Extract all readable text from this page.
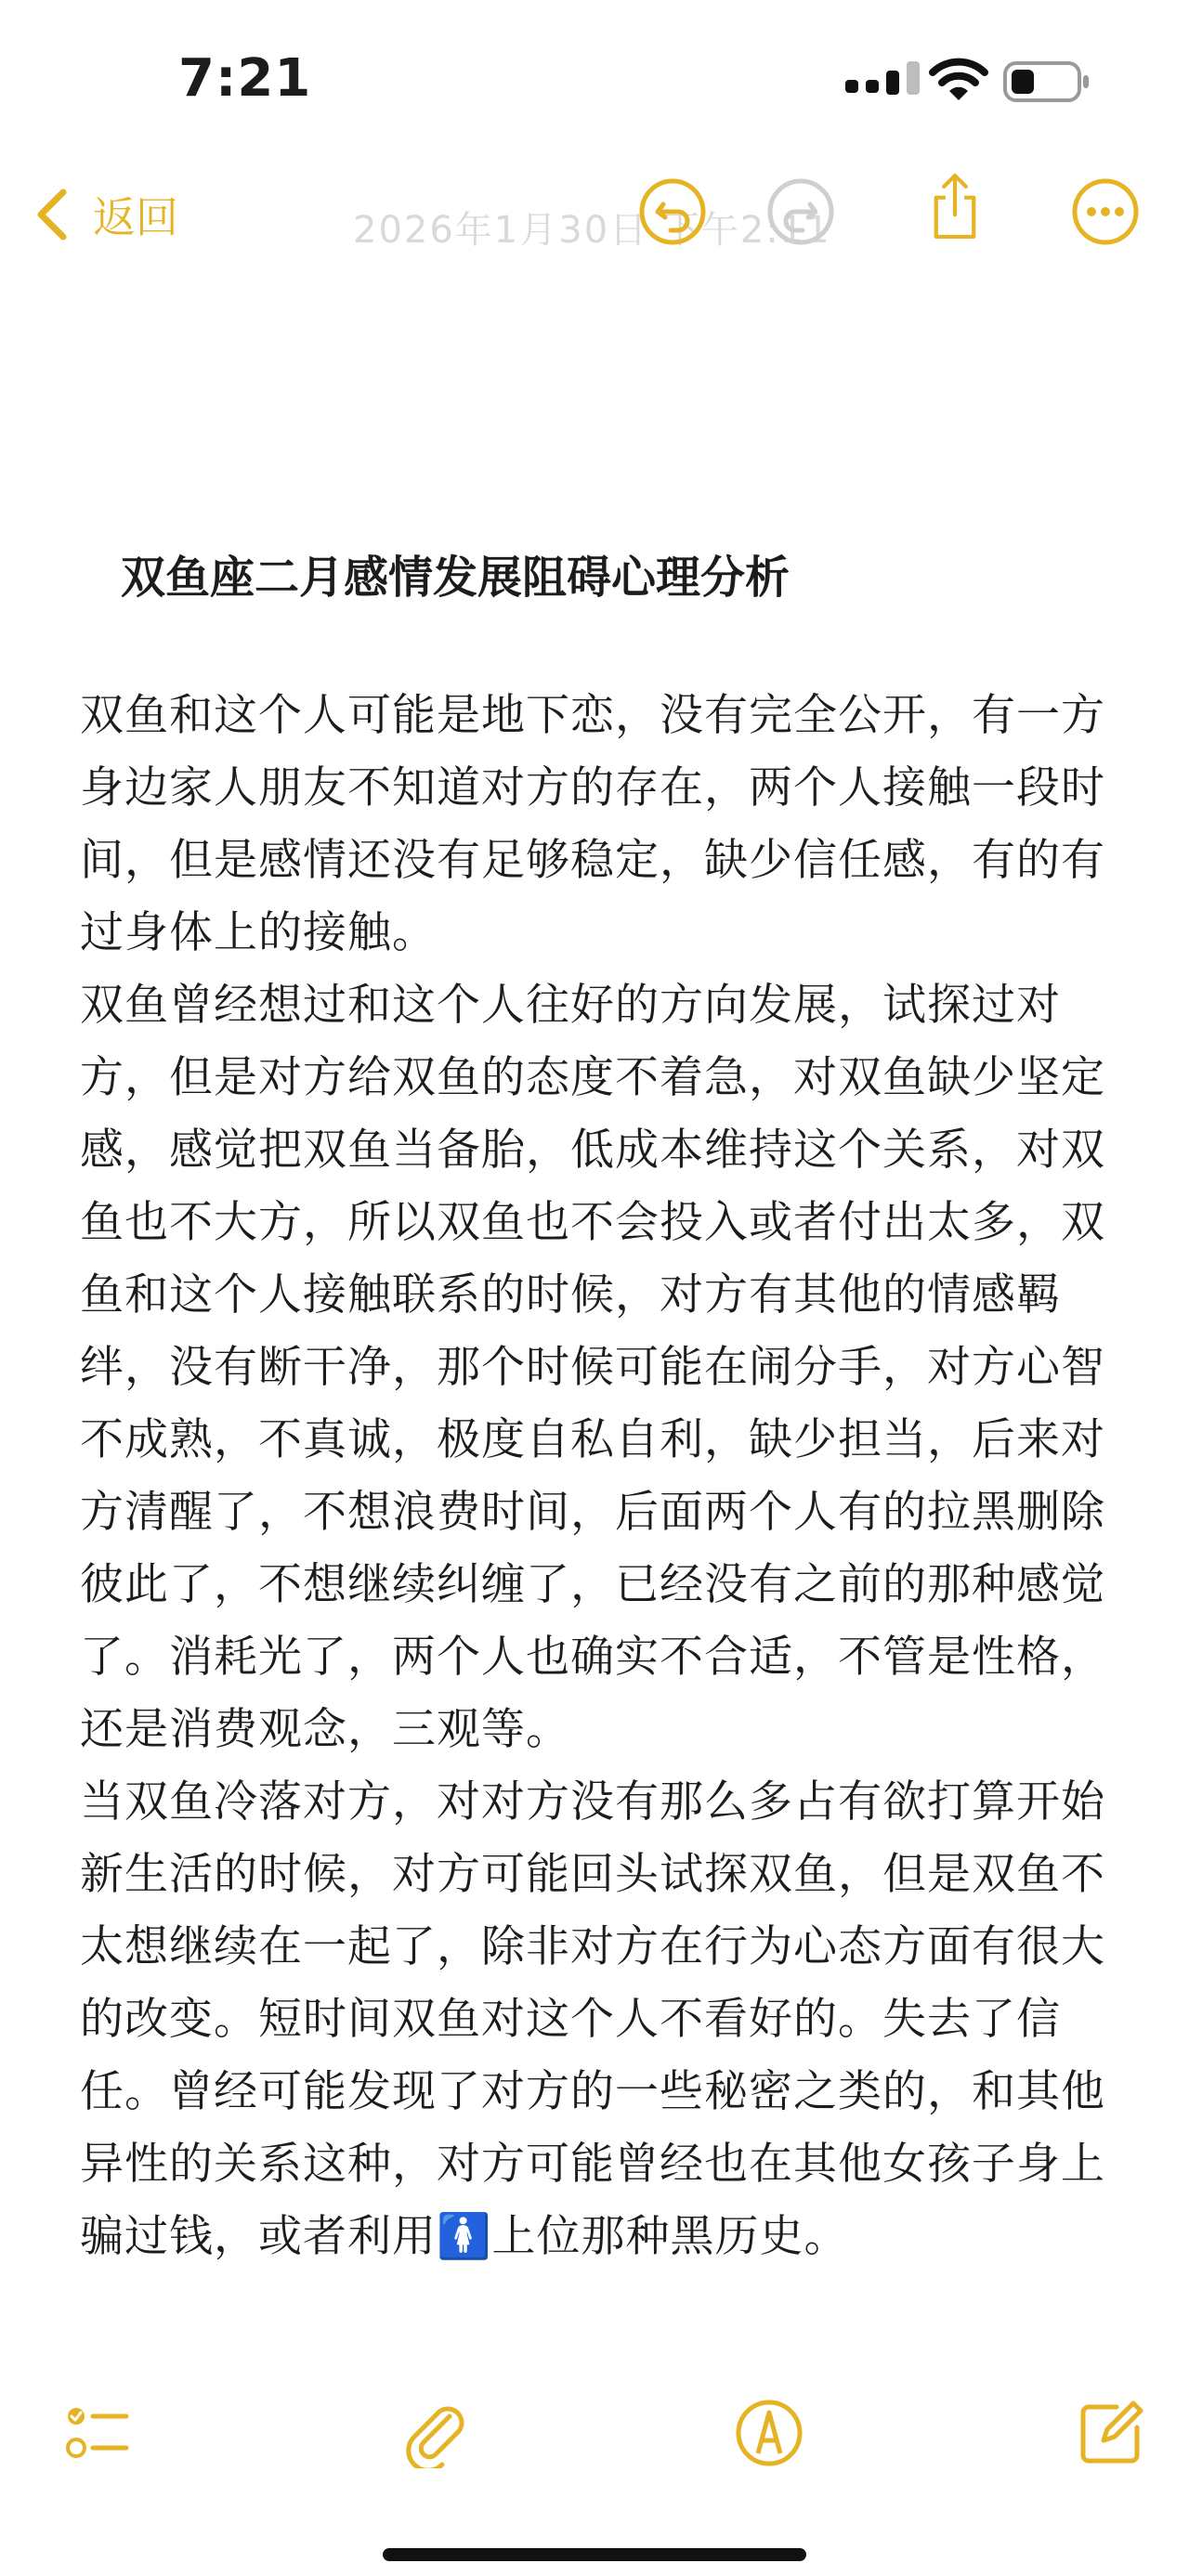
7:21
返回	2026年1月30日 下午2:11
双鱼座二月感情发展阻碍心理分析

双鱼和这个人可能是地下恋，没有完全公开，有一方身边家人朋友不知道对方的存在，两个人接触一段时间，但是感情还没有足够稳定，缺少信任感，有的有过身体上的接触。

双鱼曾经想过和这个人往好的方向发展，试探过对方，但是对方给双鱼的态度不着急，对双鱼缺少坚定感，感觉把双鱼当备胎，低成本维持这个关系，对双鱼也不大方，所以双鱼也不会投入或者付出太多，双鱼和这个人接触联系的时候，对方有其他的情感羁绊，没有断干净，那个时候可能在闹分手，对方心智不成熟，不真诚，极度自私自利，缺少担当，后来对方清醒了，不想浪费时间，后面两个人有的拉黑删除彼此了，不想继续纠缠了，已经没有之前的那种感觉了。消耗光了，两个人也确实不合适，不管是性格，还是消费观念，三观等。

当双鱼冷落对方，对对方没有那么多占有欲打算开始新生活的时候，对方可能回头试探双鱼，但是双鱼不太想继续在一起了，除非对方在行为心态方面有很大的改变。短时间双鱼对这个人不看好的。失去了信任。曾经可能发现了对方的一些秘密之类的，和其他异性的关系这种，对方可能曾经也在其他女孩子身上骗过钱，或者利用🚺上位那种黑历史。
